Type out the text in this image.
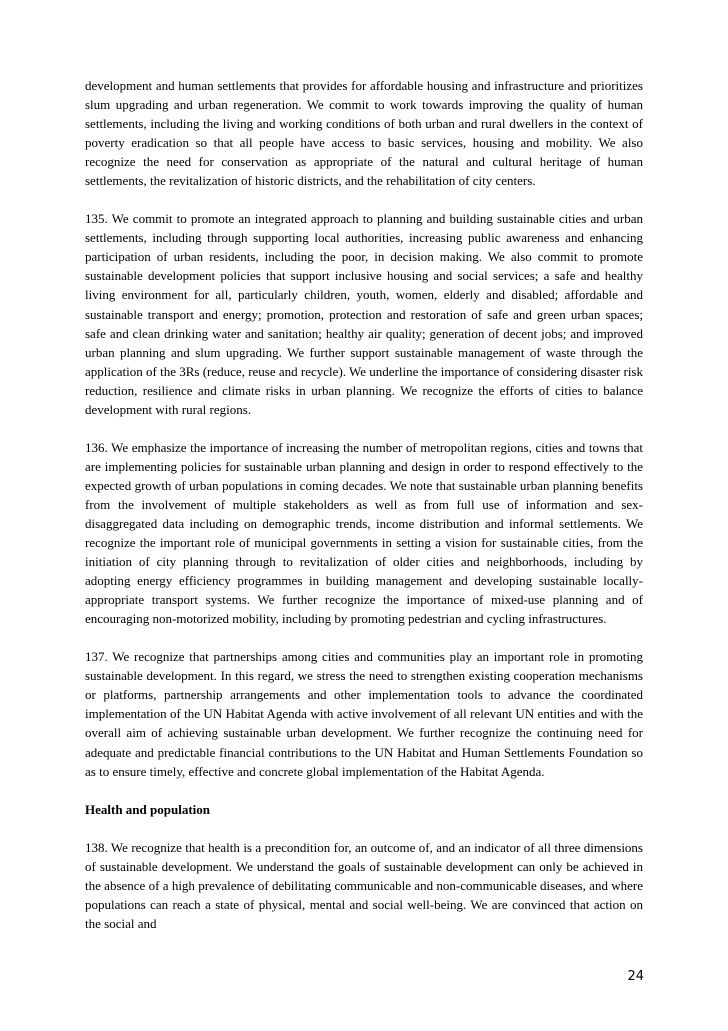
development and human settlements that provides for affordable housing and infrastructure and prioritizes slum upgrading and urban regeneration. We commit to work towards improving the quality of human settlements, including the living and working conditions of both urban and rural dwellers in the context of poverty eradication so that all people have access to basic services, housing and mobility. We also recognize the need for conservation as appropriate of the natural and cultural heritage of human settlements, the revitalization of historic districts, and the rehabilitation of city centers.

135. We commit to promote an integrated approach to planning and building sustainable cities and urban settlements, including through supporting local authorities, increasing public awareness and enhancing participation of urban residents, including the poor, in decision making. We also commit to promote sustainable development policies that support inclusive housing and social services; a safe and healthy living environment for all, particularly children, youth, women, elderly and disabled; affordable and sustainable transport and energy; promotion, protection and restoration of safe and green urban spaces; safe and clean drinking water and sanitation; healthy air quality; generation of decent jobs; and improved urban planning and slum upgrading. We further support sustainable management of waste through the application of the 3Rs (reduce, reuse and recycle). We underline the importance of considering disaster risk reduction, resilience and climate risks in urban planning. We recognize the efforts of cities to balance development with rural regions.

136. We emphasize the importance of increasing the number of metropolitan regions, cities and towns that are implementing policies for sustainable urban planning and design in order to respond effectively to the expected growth of urban populations in coming decades. We note that sustainable urban planning benefits from the involvement of multiple stakeholders as well as from full use of information and sex-disaggregated data including on demographic trends, income distribution and informal settlements. We recognize the important role of municipal governments in setting a vision for sustainable cities, from the initiation of city planning through to revitalization of older cities and neighborhoods, including by adopting energy efficiency programmes in building management and developing sustainable locally-appropriate transport systems. We further recognize the importance of mixed-use planning and of encouraging non-motorized mobility, including by promoting pedestrian and cycling infrastructures.

137. We recognize that partnerships among cities and communities play an important role in promoting sustainable development. In this regard, we stress the need to strengthen existing cooperation mechanisms or platforms, partnership arrangements and other implementation tools to advance the coordinated implementation of the UN Habitat Agenda with active involvement of all relevant UN entities and with the overall aim of achieving sustainable urban development. We further recognize the continuing need for adequate and predictable financial contributions to the UN Habitat and Human Settlements Foundation so as to ensure timely, effective and concrete global implementation of the Habitat Agenda.

Health and population

138. We recognize that health is a precondition for, an outcome of, and an indicator of all three dimensions of sustainable development. We understand the goals of sustainable development can only be achieved in the absence of a high prevalence of debilitating communicable and non-communicable diseases, and where populations can reach a state of physical, mental and social well-being. We are convinced that action on the social and

24
